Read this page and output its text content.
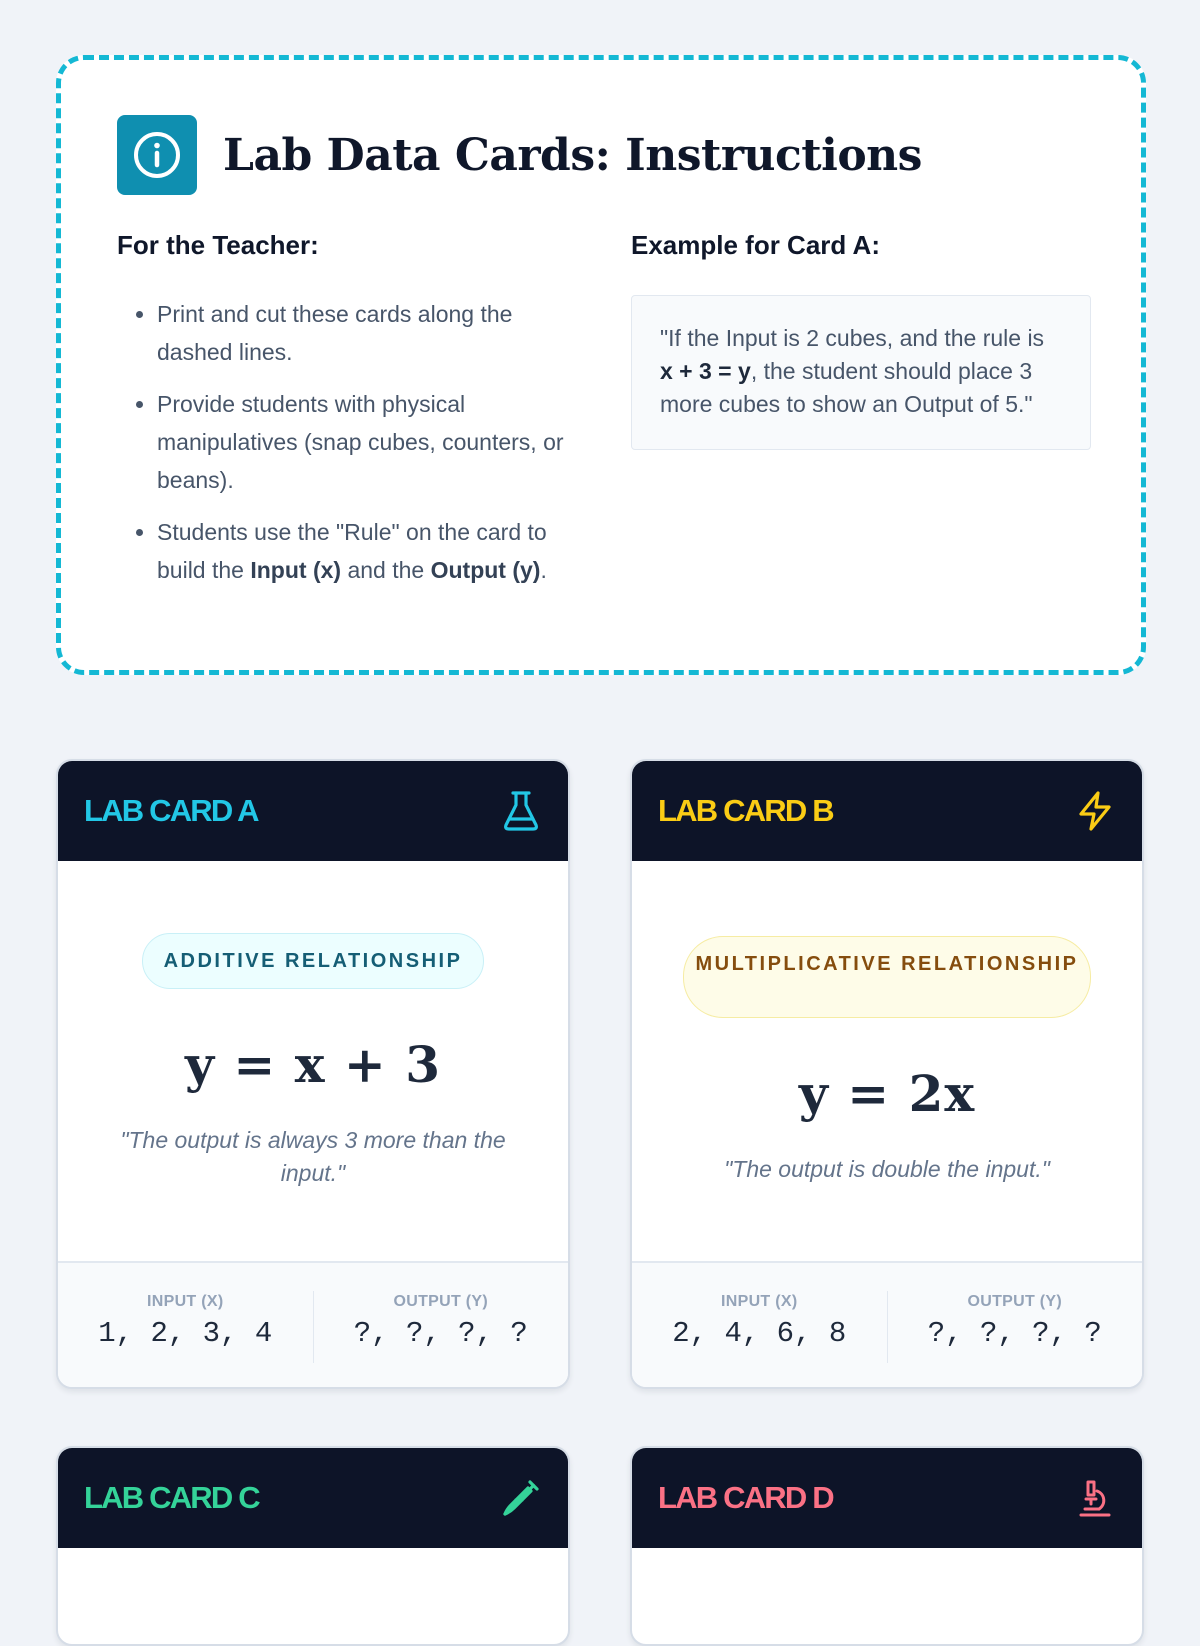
Lab Data Cards: Instructions
For the Teacher:
• Print and cut these cards along the dashed lines.
• Provide students with physical manipulatives (snap cubes, counters, or beans).
• Students use the "Rule" on the card to build the Input (x) and the Output (y).
Example for Card A:
"If the Input is 2 cubes, and the rule is x + 3 = y, the student should place 3 more cubes to show an Output of 5."
LAB CARD A
ADDITIVE RELATIONSHIP
y = x + 3

"The output is always 3 more than the input."

INPUT (X)
1, 2, 3, 4
OUTPUT (Y)
?, ?, ?, ?
LAB CARD B
MULTIPLICATIVE RELATIONSHIP
y = 2x

"The output is double the input."

INPUT (X)
2, 4, 6, 8
OUTPUT (Y)
?, ?, ?, ?
LAB CARD C	LAB CARD D
